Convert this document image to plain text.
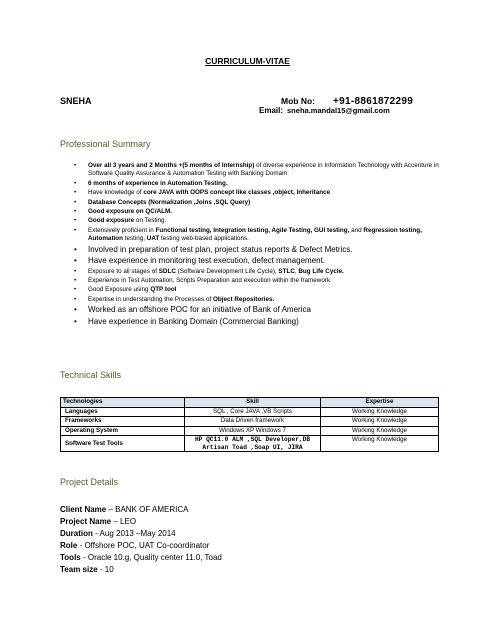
CURRICULUM-VITAE
SNEHA	Mob No: +91-8861872299
Email: sneha.mandal15@gmail.com
Professional Summary
• Over all 3 years and 2 Months +(5 months of Internship) of diverse experience in Information Technology with Accenture in Software Quality Assurance & Automation Testing with Banking Domain
• 6 months of experience in Automation Testing.
• Have knowledge of core JAVA with OOPS concept like classes ,object, Inheritance
• Database Concepts (Normalization ,Joins ,SQL Query)
• Good exposure on QC/ALM.
• Good exposure on Testing.
• Extensively proficient in Functional testing, Integration testing, Agile Testing, GUI testing, and Regression testing, Automation testing, UAT testing web-based applications.
• Involved in preparation of test plan, project status reports & Defect Metrics.
• Have experience in monitoring test execution, defect management.
• Exposure to all stages of SDLC (Software Development Life Cycle), STLC, Bug Life Cycle.
• Experience in Test Automation, Scripts Preparation and execution within the framework
• Good Exposure using QTP tool
• Expertise in understanding the Processes of Object Repositories.
• Worked as an offshore POC for an initiative of Bank of America
• Have experience in Banking Domain (Commercial Banking)
Technical Skills
Technologies	Skill	Expertise
Languages	SQL , Core JAVA ,VB Scripts	Working Knowledge
Frameworks	Data Driven framework	Working Knowledge
Operating System	Windows XP Windows 7	Working Knowledge
Software Test Tools	HP QC11.0 ALM ,SQL Developer,DB Artisan Toad ,Soap UI, JIRA	Working Knowledge
Project Details
Client Name – BANK OF AMERICA
Project Name – LEO
Duration - Aug 2013 –May 2014
Role - Offshore POC, UAT Co-coordinator
Tools - Oracle 10.g, Quality center 11.0, Toad
Team size - 10
